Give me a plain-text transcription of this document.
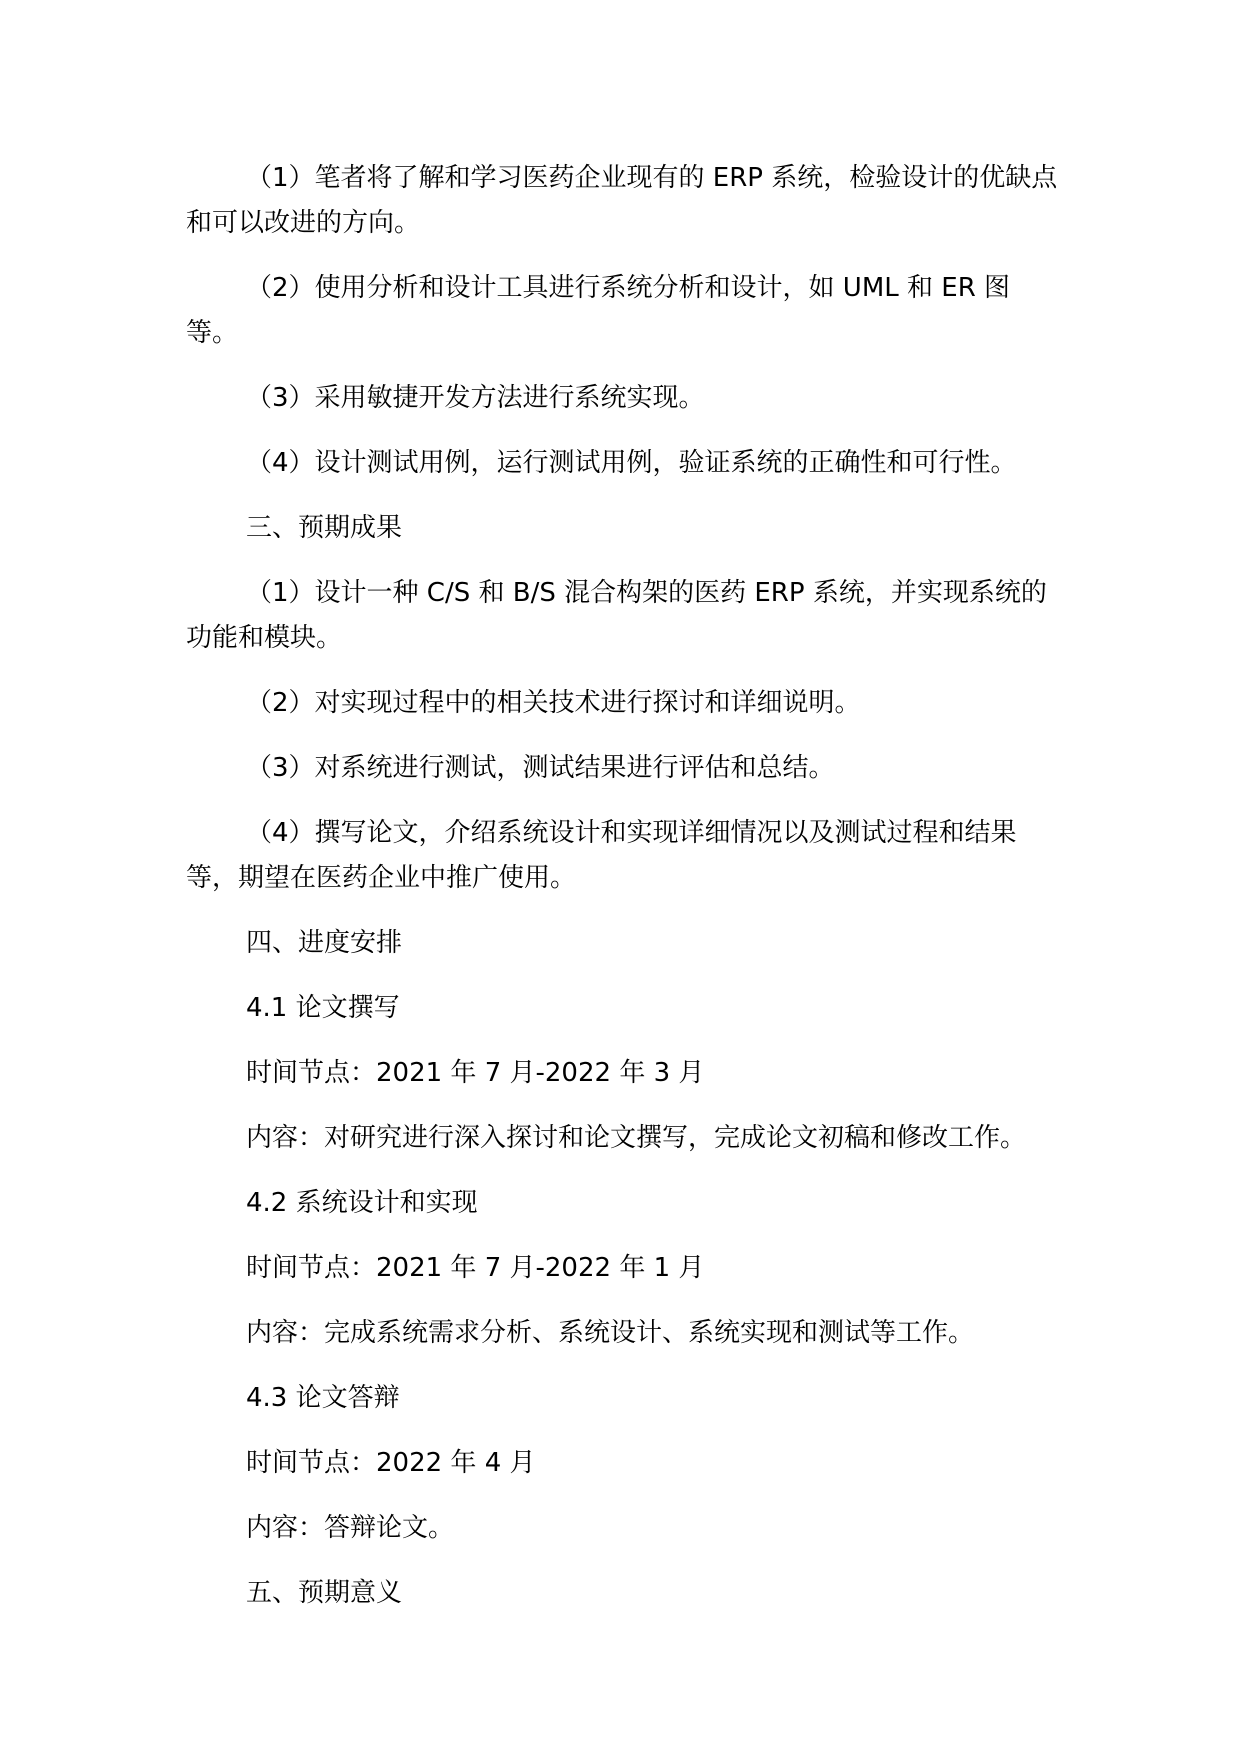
（1）笔者将了解和学习医药企业现有的 ERP 系统，检验设计的优缺点和可以改进的方向。

（2）使用分析和设计工具进行系统分析和设计，如 UML 和 ER 图等。

（3）采用敏捷开发方法进行系统实现。

（4）设计测试用例，运行测试用例，验证系统的正确性和可行性。

三、预期成果

（1）设计一种 C/S 和 B/S 混合构架的医药 ERP 系统，并实现系统的功能和模块。

（2）对实现过程中的相关技术进行探讨和详细说明。

（3）对系统进行测试，测试结果进行评估和总结。

（4）撰写论文，介绍系统设计和实现详细情况以及测试过程和结果等，期望在医药企业中推广使用。

四、进度安排

4.1 论文撰写

时间节点：2021 年 7 月-2022 年 3 月

内容：对研究进行深入探讨和论文撰写，完成论文初稿和修改工作。

4.2 系统设计和实现

时间节点：2021 年 7 月-2022 年 1 月

内容：完成系统需求分析、系统设计、系统实现和测试等工作。

4.3 论文答辩

时间节点：2022 年 4 月

内容：答辩论文。

五、预期意义
